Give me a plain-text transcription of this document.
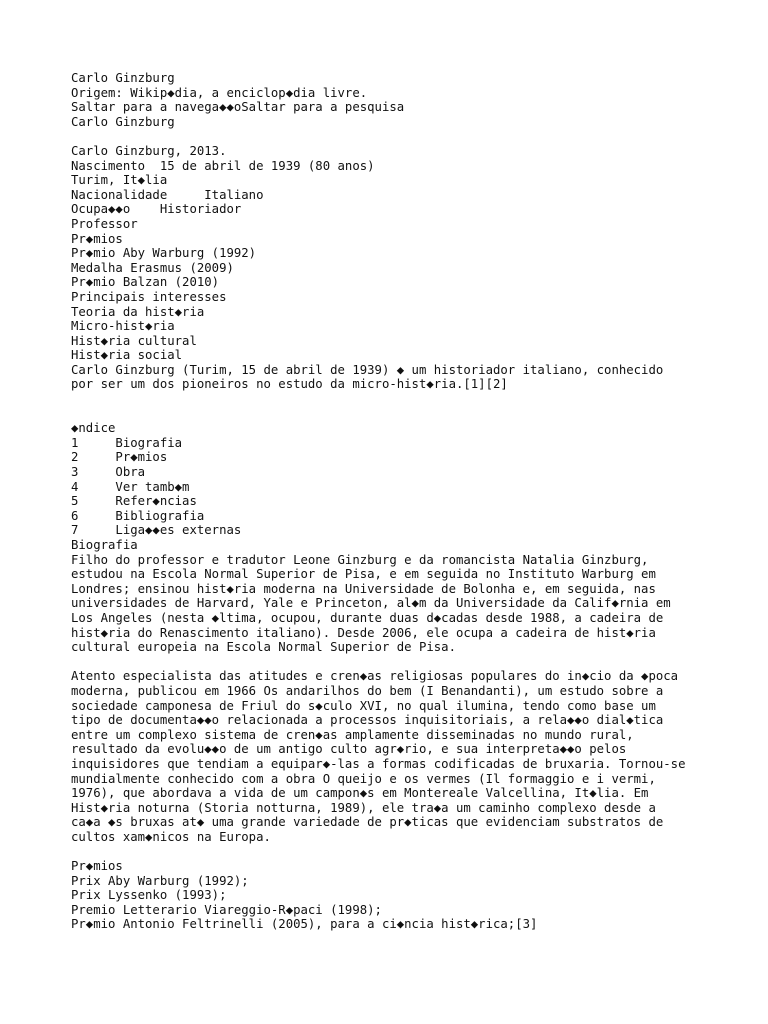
Carlo Ginzburg
Origem: Wikip◆dia, a enciclop◆dia livre.
Saltar para a navega◆◆oSaltar para a pesquisa
Carlo Ginzburg
Carlo Ginzburg, 2013.
Nascimento  15 de abril de 1939 (80 anos)
Turim, It◆lia
Nacionalidade     Italiano
Ocupa◆◆o    Historiador
Professor
Pr◆mios
Pr◆mio Aby Warburg (1992)
Medalha Erasmus (2009)
Pr◆mio Balzan (2010)
Principais interesses
Teoria da hist◆ria
Micro-hist◆ria
Hist◆ria cultural
Hist◆ria social
Carlo Ginzburg (Turim, 15 de abril de 1939) ◆ um historiador italiano, conhecido
por ser um dos pioneiros no estudo da micro-hist◆ria.[1][2]
◆ndice
1     Biografia
2     Pr◆mios
3     Obra
4     Ver tamb◆m
5     Refer◆ncias
6     Bibliografia
7     Liga◆◆es externas
Biografia
Filho do professor e tradutor Leone Ginzburg e da romancista Natalia Ginzburg,
estudou na Escola Normal Superior de Pisa, e em seguida no Instituto Warburg em
Londres; ensinou hist◆ria moderna na Universidade de Bolonha e, em seguida, nas
universidades de Harvard, Yale e Princeton, al◆m da Universidade da Calif◆rnia em
Los Angeles (nesta ◆ltima, ocupou, durante duas d◆cadas desde 1988, a cadeira de
hist◆ria do Renascimento italiano). Desde 2006, ele ocupa a cadeira de hist◆ria
cultural europeia na Escola Normal Superior de Pisa.
Atento especialista das atitudes e cren◆as religiosas populares do in◆cio da ◆poca
moderna, publicou em 1966 Os andarilhos do bem (I Benandanti), um estudo sobre a
sociedade camponesa de Friul do s◆culo XVI, no qual ilumina, tendo como base um
tipo de documenta◆◆o relacionada a processos inquisitoriais, a rela◆◆o dial◆tica
entre um complexo sistema de cren◆as amplamente disseminadas no mundo rural,
resultado da evolu◆◆o de um antigo culto agr◆rio, e sua interpreta◆◆o pelos
inquisidores que tendiam a equipar◆-las a formas codificadas de bruxaria. Tornou-se
mundialmente conhecido com a obra O queijo e os vermes (Il formaggio e i vermi,
1976), que abordava a vida de um campon◆s em Montereale Valcellina, It◆lia. Em
Hist◆ria noturna (Storia notturna, 1989), ele tra◆a um caminho complexo desde a
ca◆a ◆s bruxas at◆ uma grande variedade de pr◆ticas que evidenciam substratos de
cultos xam◆nicos na Europa.
Pr◆mios
Prix Aby Warburg (1992);
Prix Lyssenko (1993);
Premio Letterario Viareggio-R◆paci (1998);
Pr◆mio Antonio Feltrinelli (2005), para a ci◆ncia hist◆rica;[3]
